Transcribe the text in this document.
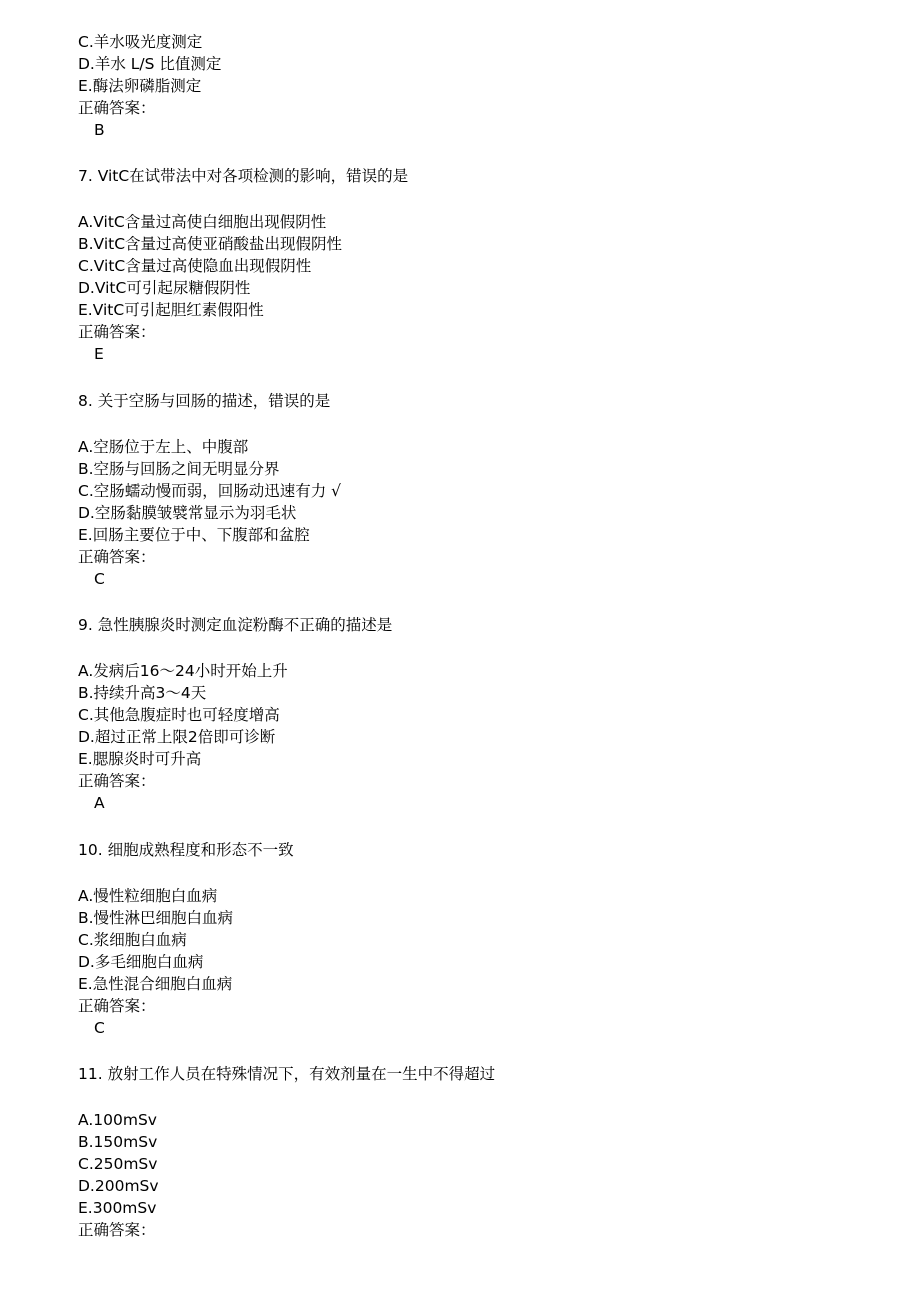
C.羊水吸光度测定
D.羊水 L/S 比值测定
E.酶法卵磷脂测定
正确答案：
B
7. VitC在试带法中对各项检测的影响，错误的是
A.VitC含量过高使白细胞出现假阴性
B.VitC含量过高使亚硝酸盐出现假阴性
C.VitC含量过高使隐血出现假阴性
D.VitC可引起尿糖假阴性
E.VitC可引起胆红素假阳性
正确答案：
E
8. 关于空肠与回肠的描述，错误的是
A.空肠位于左上、中腹部
B.空肠与回肠之间无明显分界
C.空肠蠕动慢而弱，回肠动迅速有力 √
D.空肠黏膜皱襞常显示为羽毛状
E.回肠主要位于中、下腹部和盆腔
正确答案：
C
9. 急性胰腺炎时测定血淀粉酶不正确的描述是
A.发病后16～24小时开始上升
B.持续升高3～4天
C.其他急腹症时也可轻度增高
D.超过正常上限2倍即可诊断
E.腮腺炎时可升高
正确答案：
A
10. 细胞成熟程度和形态不一致
A.慢性粒细胞白血病
B.慢性淋巴细胞白血病
C.浆细胞白血病
D.多毛细胞白血病
E.急性混合细胞白血病
正确答案：
C
11. 放射工作人员在特殊情况下，有效剂量在一生中不得超过
A.100mSv
B.150mSv
C.250mSv
D.200mSv
E.300mSv
正确答案：
